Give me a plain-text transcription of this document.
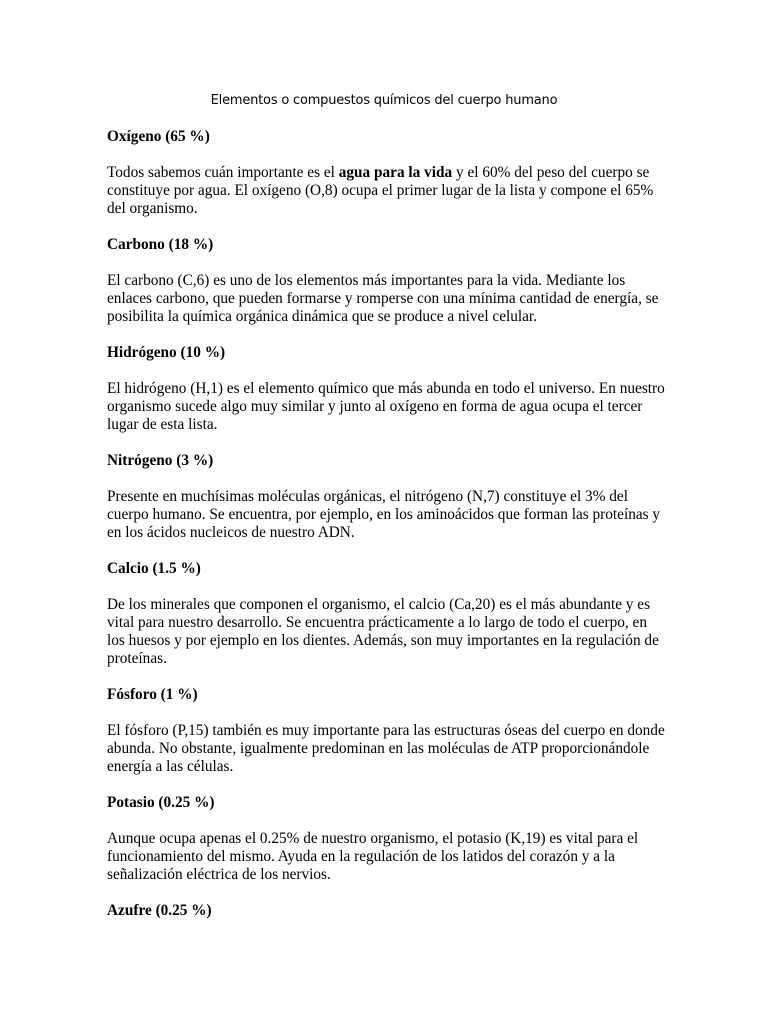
Elementos o compuestos químicos del cuerpo humano
Oxígeno (65 %)
Todos sabemos cuán importante es el agua para la vida y el 60% del peso del cuerpo se constituye por agua. El oxígeno (O,8) ocupa el primer lugar de la lista y compone el 65% del organismo.
Carbono (18 %)
El carbono (C,6) es uno de los elementos más importantes para la vida. Mediante los enlaces carbono, que pueden formarse y romperse con una mínima cantidad de energía, se posibilita la química orgánica dinámica que se produce a nivel celular.
Hidrógeno (10 %)
El hidrógeno (H,1) es el elemento químico que más abunda en todo el universo. En nuestro organismo sucede algo muy similar y junto al oxígeno en forma de agua ocupa el tercer lugar de esta lista.
Nitrógeno (3 %)
Presente en muchísimas moléculas orgánicas, el nitrógeno (N,7) constituye el 3% del cuerpo humano. Se encuentra, por ejemplo, en los aminoácidos que forman las proteínas y en los ácidos nucleicos de nuestro ADN.
Calcio (1.5 %)
De los minerales que componen el organismo, el calcio (Ca,20) es el más abundante y es vital para nuestro desarrollo. Se encuentra prácticamente a lo largo de todo el cuerpo, en los huesos y por ejemplo en los dientes. Además, son muy importantes en la regulación de proteínas.
Fósforo (1 %)
El fósforo (P,15) también es muy importante para las estructuras óseas del cuerpo en donde abunda. No obstante, igualmente predominan en las moléculas de ATP proporcionándole energía a las células.
Potasio (0.25 %)
Aunque ocupa apenas el 0.25% de nuestro organismo, el potasio (K,19) es vital para el funcionamiento del mismo. Ayuda en la regulación de los latidos del corazón y a la señalización eléctrica de los nervios.
Azufre (0.25 %)
